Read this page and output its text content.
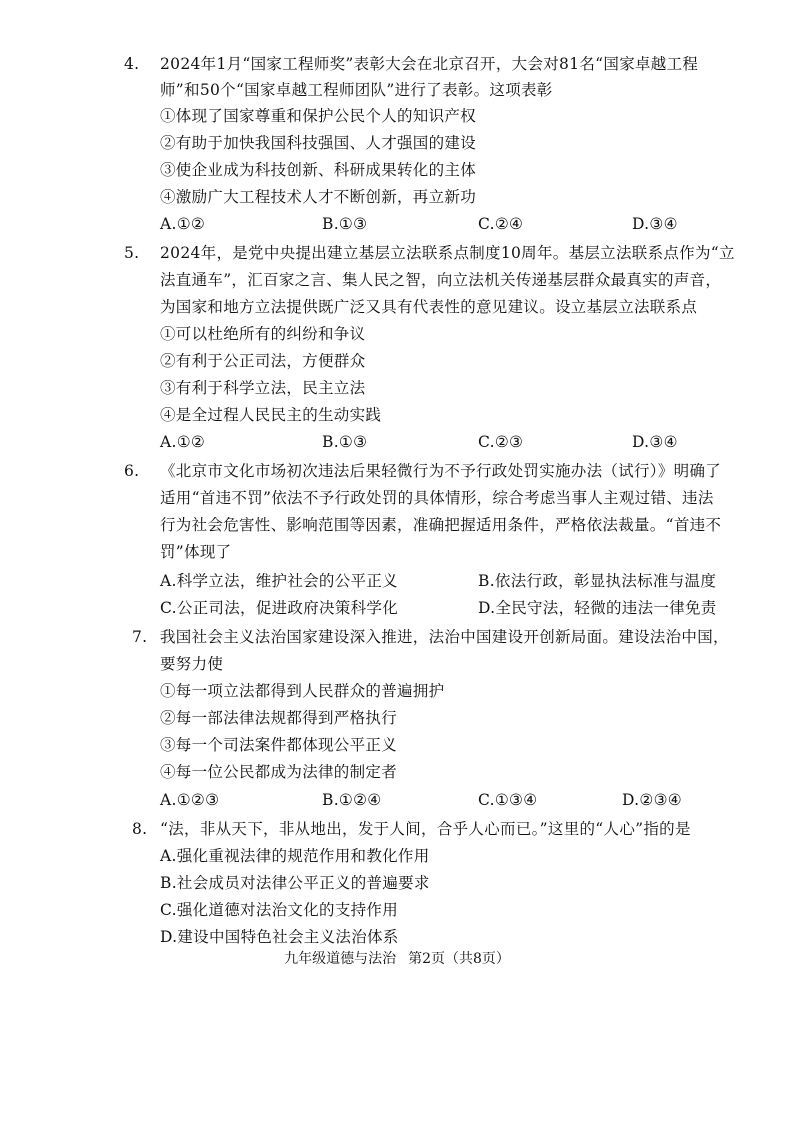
4. 2024年1月“国家工程师奖”表彰大会在北京召开，大会对81名“国家卓越工程
师”和50个“国家卓越工程师团队”进行了表彰。这项表彰
①体现了国家尊重和保护公民个人的知识产权
②有助于加快我国科技强国、人才强国的建设
③使企业成为科技创新、科研成果转化的主体
④激励广大工程技术人才不断创新，再立新功
A.①②	B.①③	C.②④	D.③④
5. 2024年，是党中央提出建立基层立法联系点制度10周年。基层立法联系点作为“立
法直通车”，汇百家之言、集人民之智，向立法机关传递基层群众最真实的声音，
为国家和地方立法提供既广泛又具有代表性的意见建议。设立基层立法联系点
①可以杜绝所有的纠纷和争议
②有利于公正司法，方便群众
③有利于科学立法，民主立法
④是全过程人民民主的生动实践
A.①②	B.①③	C.②③	D.③④
6. 《北京市文化市场初次违法后果轻微行为不予行政处罚实施办法（试行）》明确了
适用“首违不罚”依法不予行政处罚的具体情形，综合考虑当事人主观过错、违法
行为社会危害性、影响范围等因素，准确把握适用条件，严格依法裁量。“首违不
罚”体现了
A.科学立法，维护社会的公平正义	B.依法行政，彰显执法标准与温度
C.公正司法，促进政府决策科学化	D.全民守法，轻微的违法一律免责
7. 我国社会主义法治国家建设深入推进，法治中国建设开创新局面。建设法治中国，
要努力使
①每一项立法都得到人民群众的普遍拥护
②每一部法律法规都得到严格执行
③每一个司法案件都体现公平正义
④每一位公民都成为法律的制定者
A.①②③	B.①②④	C.①③④	D.②③④
8. “法，非从天下，非从地出，发于人间，合乎人心而已。”这里的“人心”指的是
A.强化重视法律的规范作用和教化作用
B.社会成员对法律公平正义的普遍要求
C.强化道德对法治文化的支持作用
D.建设中国特色社会主义法治体系
九年级道德与法治 第2页（共8页）
